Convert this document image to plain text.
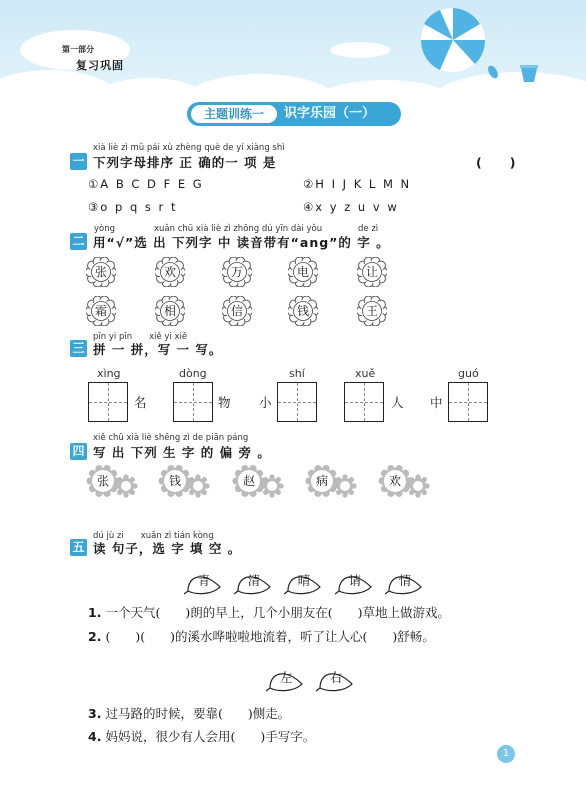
第一部分
复习巩固
主题训练一	识字乐园（一）
xià liè zì mǔ pái xù zhèng què de yí xiàng shì
一 下列字母排序 正 确的一 项 是	(　　)
①A B C D F E G	②H I J K L M N
③o p q s r t	④x y z u v w
yòng	xuǎn chū xià liè zì zhōng dú yīn dài yǒu	de zì
二 用“√”选 出 下列字 中 读音带有“ang”的 字 。
张	欢	万	电	让
霜	相	信	钱	王
pīn yi pīn　　xiě yi xiě
三 拼 一 拼，写 一 写。
xìng
名
dòng
物 小
shí	xuě
人 中
guó
xiě chū xià liè shēng zì de piān páng
四 写 出 下列 生 字 的 偏 旁 。
张	钱	赵	病	欢
dú jù zi　　xuǎn zì tián kòng
五 读 句子，选 字 填 空 。
青	清	晴	请	情
1. 一个天气(　　)朗的早上，几个小朋友在(　　)草地上做游戏。
2. (　　)(　　)的溪水哗啦啦地流着，听了让人心(　　)舒畅。
左	右
3. 过马路的时候，要靠(　　)侧走。
4. 妈妈说，很少有人会用(　　)手写字。
1
